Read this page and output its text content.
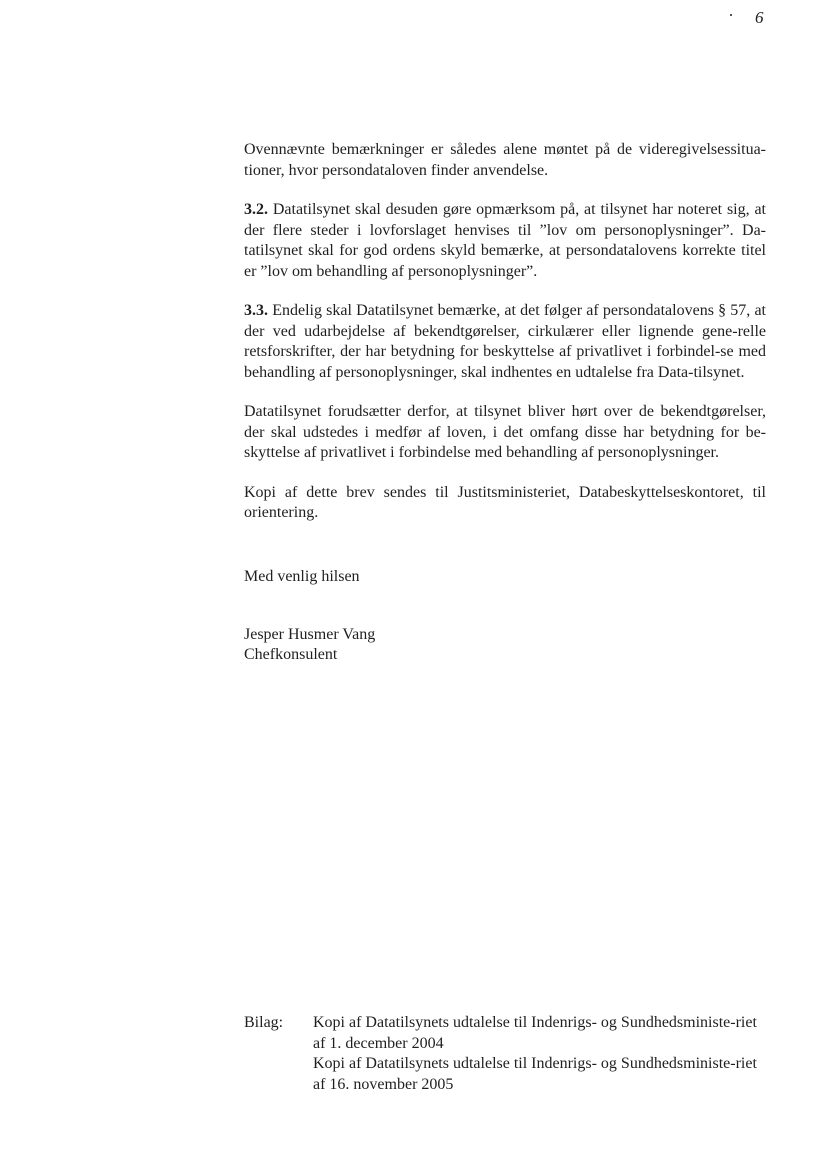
6

Ovennævnte bemærkninger er således alene møntet på de videregivelsessitua-tioner, hvor persondataloven finder anvendelse.

3.2. Datatilsynet skal desuden gøre opmærksom på, at tilsynet har noteret sig, at der flere steder i lovforslaget henvises til ”lov om personoplysninger”. Da-tatilsynet skal for god ordens skyld bemærke, at persondatalovens korrekte titel er ”lov om behandling af personoplysninger”.

3.3. Endelig skal Datatilsynet bemærke, at det følger af persondatalovens § 57, at der ved udarbejdelse af bekendtgørelser, cirkulærer eller lignende gene-relle retsforskrifter, der har betydning for beskyttelse af privatlivet i forbindel-se med behandling af personoplysninger, skal indhentes en udtalelse fra Data-tilsynet.

Datatilsynet forudsætter derfor, at tilsynet bliver hørt over de bekendtgørelser, der skal udstedes i medfør af loven, i det omfang disse har betydning for be-skyttelse af privatlivet i forbindelse med behandling af personoplysninger.

Kopi af dette brev sendes til Justitsministeriet, Databeskyttelseskontoret, til orientering.

Med venlig hilsen
Jesper Husmer Vang
Chefkonsulent
Bilag: Kopi af Datatilsynets udtalelse til Indenrigs- og Sundhedsministe-riet af 1. december 2004

Kopi af Datatilsynets udtalelse til Indenrigs- og Sundhedsministe-riet af 16. november 2005
